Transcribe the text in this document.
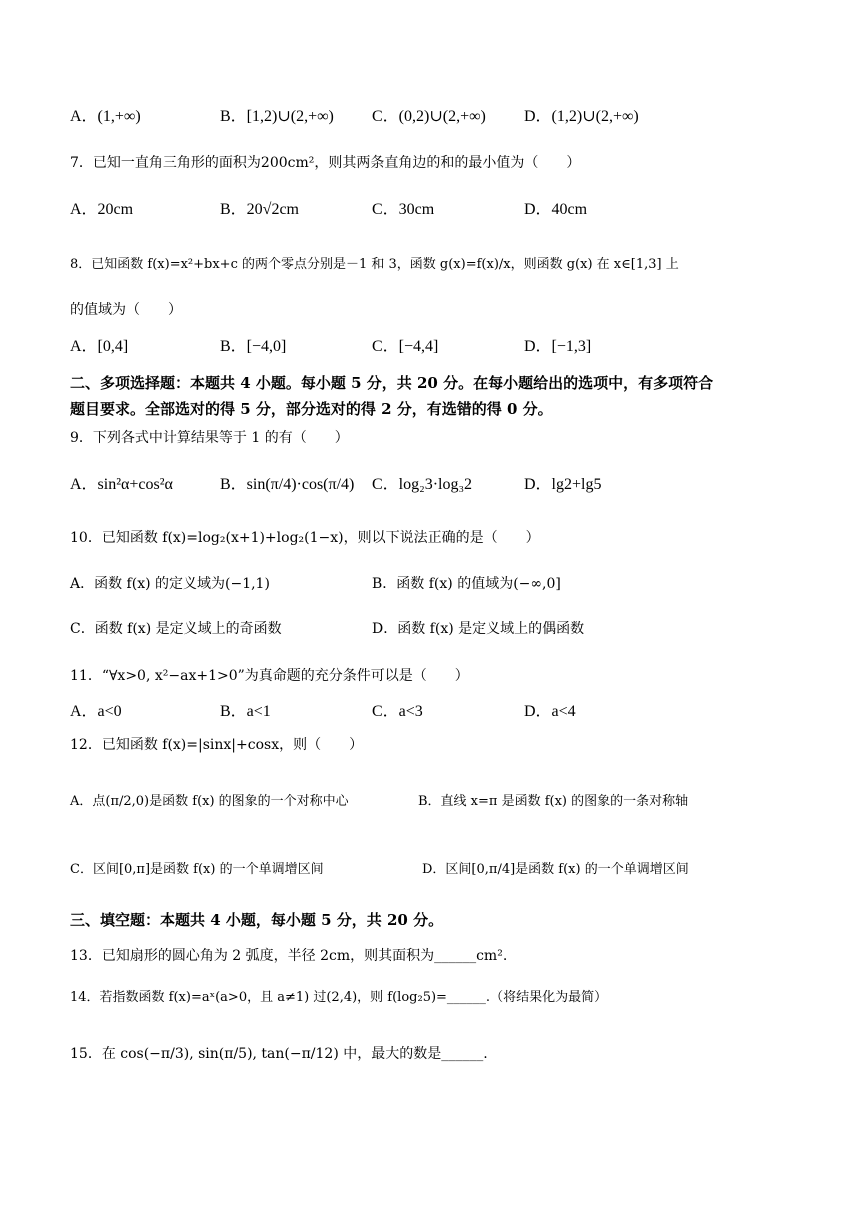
A．(1,+∞)	B．[1,2)∪(2,+∞) C．(0,2)∪(2,+∞) D．(1,2)∪(2,+∞)
7．已知一直角三角形的面积为200cm²，则其两条直角边的和的最小值为（　　）
A．20cm	B．20√2cm	C．30cm	D．40cm
8．已知函数 f(x)=x²+bx+c 的两个零点分别是－1 和 3，函数 g(x)=f(x)/x，则函数 g(x) 在 x∈[1,3] 上
的值域为（　　）
A．[0,4]	B．[−4,0]	C．[−4,4]	D．[−1,3]
二、多项选择题：本题共 4 小题。每小题 5 分，共 20 分。在每小题给出的选项中，有多项符合
题目要求。全部选对的得 5 分，部分选对的得 2 分，有选错的得 0 分。
9．下列各式中计算结果等于 1 的有（　　）
A．sin²α+cos²α	B．sin(π/4)·cos(π/4) C．log₂3·log₃2	D．lg2+lg5
10．已知函数 f(x)=log₂(x+1)+log₂(1−x)，则以下说法正确的是（　　）
A．函数 f(x) 的定义域为(−1,1)	B．函数 f(x) 的值域为(−∞,0]
C．函数 f(x) 是定义域上的奇函数	D．函数 f(x) 是定义域上的偶函数
11．“∀x>0, x²−ax+1>0”为真命题的充分条件可以是（　　）
A．a<0	B．a<1	C．a<3	D．a<4
12．已知函数 f(x)=|sinx|+cosx，则（　　）
A．点(π/2,0)是函数 f(x) 的图象的一个对称中心	B．直线 x=π 是函数 f(x) 的图象的一条对称轴
C．区间[0,π]是函数 f(x) 的一个单调增区间	D．区间[0,π/4]是函数 f(x) 的一个单调增区间
三、填空题：本题共 4 小题，每小题 5 分，共 20 分。
13．已知扇形的圆心角为 2 弧度，半径 2cm，则其面积为______cm².
14．若指数函数 f(x)=aˣ(a>0，且 a≠1) 过(2,4)，则 f(log₂5)=______.（将结果化为最简）
15．在 cos(−π/3), sin(π/5), tan(−π/12) 中，最大的数是______.
